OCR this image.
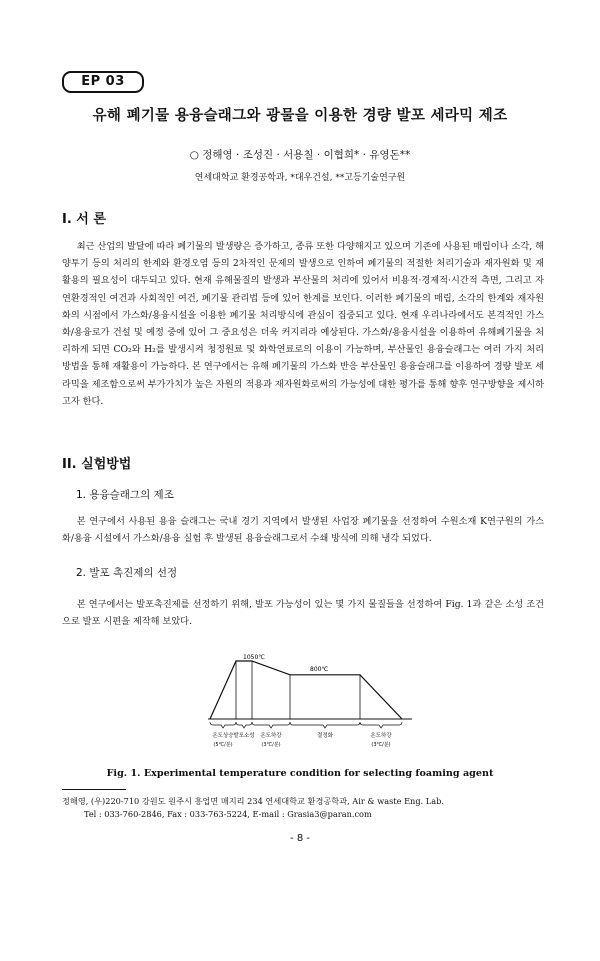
EP 03
유해 폐기물 용융슬래그와 광물을 이용한 경량 발포 세라믹 제조
○ 정해영 · 조성진 · 서용칠 · 이협희* · 유영돈**
연세대학교 환경공학과, *대우건설, **고등기술연구원
I. 서 론

최근 산업의 발달에 따라 폐기물의 발생량은 증가하고, 종류 또한 다양해지고 있으며 기존에 사용된 매립이나 소각, 해양투기 등의 처리의 한계와 환경오염 등의 2차적인 문제의 발생으로 인하여 폐기물의 적절한 처리기술과 재자원화 및 재활용의 필요성이 대두되고 있다. 현재 유해물질의 발생과 부산물의 처리에 있어서 비용적·경제적·시간적 측면, 그리고 자연환경적인 여건과 사회적인 여건, 폐기물 관리법 등에 있어 한계를 보인다. 이러한 폐기물의 매립, 소각의 한계와 재자원화의 시점에서 가스화/용융시설을 이용한 폐기물 처리방식에 관심이 집중되고 있다. 현재 우리나라에서도 본격적인 가스화/용융로가 건설 및 예정 중에 있어 그 중요성은 더욱 커지리라 예상된다. 가스화/용융시설을 이용하여 유해폐기물을 처리하게 되면 CO₂와 H₂를 발생시켜 청정원료 및 화학연료로의 이용이 가능하며, 부산물인 용융슬래그는 여러 가지 처리 방법을 통해 재활용이 가능하다. 본 연구에서는 유해 폐기물의 가스화 반응 부산물인 용융슬래그를 이용하여 경량 발포 세라믹을 제조함으로써 부가가치가 높은 자원의 적용과 재자원화로써의 가능성에 대한 평가를 통해 향후 연구방향을 제시하고자 한다.

II. 실험방법
1. 용융슬래그의 제조

본 연구에서 사용된 용융 슬래그는 국내 경기 지역에서 발생된 사업장 폐기물을 선정하여 수원소재 K연구원의 가스화/용융 시설에서 가스화/용융 실험 후 발생된 용융슬래그로서 수쇄 방식에 의해 냉각 되었다.

2. 발포 촉진제의 선정

본 연구에서는 발포촉진제를 선정하기 위해, 발포 가능성이 있는 몇 가지 물질들을 선정하여 Fig. 1과 같은 소성 조건으로 발포 시편을 제작해 보았다.

1050℃
800℃
온도상승
(5℃/분)
발포소성 온도하강
(3℃/분)
결정화	온도하강
(3℃/분)
Fig. 1. Experimental temperature condition for selecting foaming agent
정해영, (우)220-710 강원도 원주시 흥업면 매지리 234 연세대학교 환경공학과, Air & waste Eng. Lab.
Tel : 033-760-2846, Fax : 033-763-5224, E-mail : Grasia3@paran.com
- 8 -
